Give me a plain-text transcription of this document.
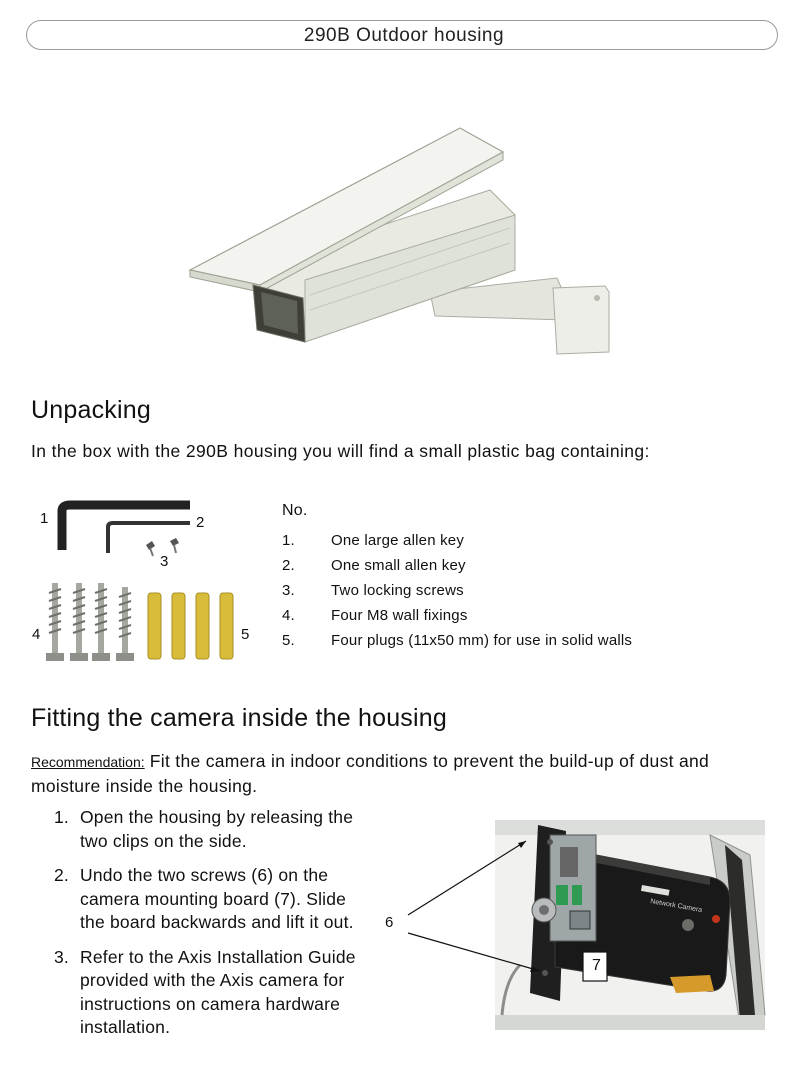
290B Outdoor housing
Unpacking

In the box with the 290B housing you will find a small plastic bag containing:

1	2
3
4	5
No.
1.	One large allen key
2.	One small allen key
3.	Two locking screws
4.	Four M8 wall fixings
5.	Four plugs (11x50 mm) for use in solid walls
Fitting the camera inside the housing

Recommendation: Fit the camera in indoor conditions to prevent the build-up of dust and moisture inside the housing.

1. Open the housing by releasing the two clips on the side.
2. Undo the two screws (6) on the camera mounting board (7). Slide the board backwards and lift it out.
3. Refer to the Axis Installation Guide provided with the Axis camera for instructions on camera hardware installation.
Network Camera
6
7
